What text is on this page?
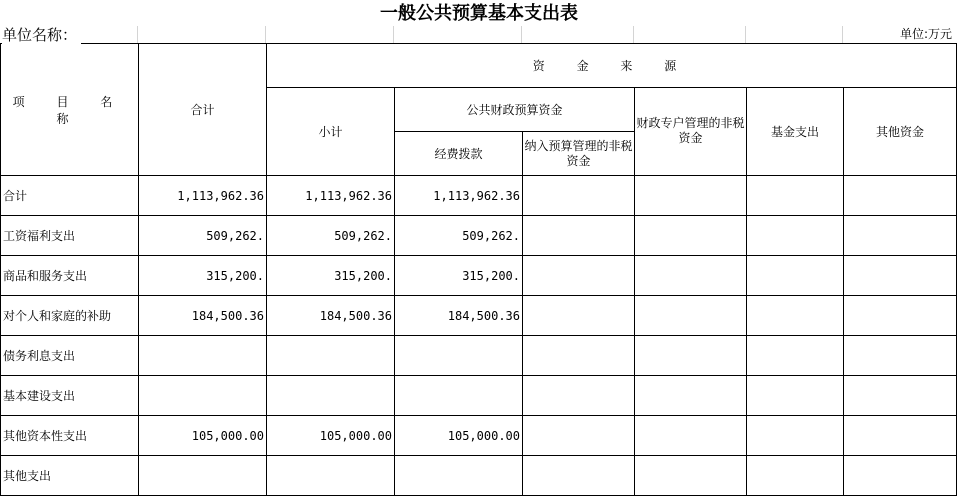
一般公共预算基本支出表
单位名称：	单位:万元
项 目 名 称	合计	资 金 来 源					
		小计	公共财政预算资金		财政专户管理的非税资金	基金支出	其他资金
			经费拨款	纳入预算管理的非税资金			
合计	1,113,962.36	1,113,962.36	1,113,962.36				
工资福利支出	509,262.	509,262.	509,262.				
商品和服务支出	315,200.	315,200.	315,200.				
对个人和家庭的补助	184,500.36	184,500.36	184,500.36				
债务利息支出							
基本建设支出							
其他资本性支出	105,000.00	105,000.00	105,000.00				
其他支出							
